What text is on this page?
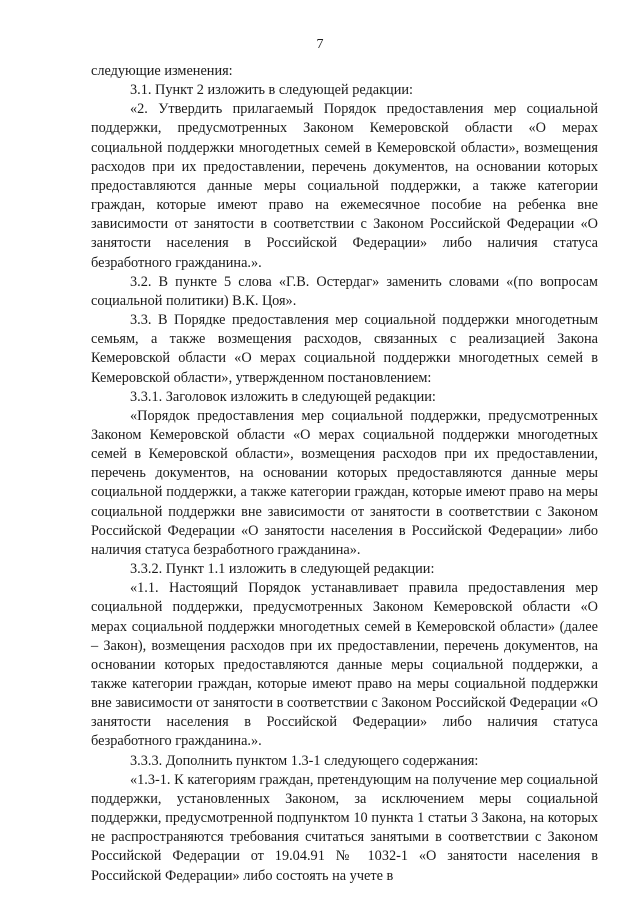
7

следующие изменения:

3.1. Пункт 2 изложить в следующей редакции:

«2. Утвердить прилагаемый Порядок предоставления мер социальной поддержки, предусмотренных Законом Кемеровской области «О мерах социальной поддержки многодетных семей в Кемеровской области», возмещения расходов при их предоставлении, перечень документов, на основании которых предоставляются данные меры социальной поддержки, а также категории граждан, которые имеют право на ежемесячное пособие на ребенка вне зависимости от занятости в соответствии с Законом Российской Федерации «О занятости населения в Российской Федерации» либо наличия статуса безработного гражданина.».

3.2. В пункте 5 слова «Г.В. Остердаг» заменить словами «(по вопросам социальной политики) В.К. Цоя».

3.3. В Порядке предоставления мер социальной поддержки многодетным семьям, а также возмещения расходов, связанных с реализацией Закона Кемеровской области «О мерах социальной поддержки многодетных семей в Кемеровской области», утвержденном постановлением:

3.3.1. Заголовок изложить в следующей редакции:

«Порядок предоставления мер социальной поддержки, предусмотренных Законом Кемеровской области «О мерах социальной поддержки многодетных семей в Кемеровской области», возмещения расходов при их предоставлении, перечень документов, на основании которых предоставляются данные меры социальной поддержки, а также категории граждан, которые имеют право на меры социальной поддержки вне зависимости от занятости в соответствии с Законом Российской Федерации «О занятости населения в Российской Федерации» либо наличия статуса безработного гражданина».

3.3.2. Пункт 1.1 изложить в следующей редакции:

«1.1. Настоящий Порядок устанавливает правила предоставления мер социальной поддержки, предусмотренных Законом Кемеровской области «О мерах социальной поддержки многодетных семей в Кемеровской области» (далее – Закон), возмещения расходов при их предоставлении, перечень документов, на основании которых предоставляются данные меры социальной поддержки, а также категории граждан, которые имеют право на меры социальной поддержки вне зависимости от занятости в соответствии с Законом Российской Федерации «О занятости населения в Российской Федерации» либо наличия статуса безработного гражданина.».

3.3.3. Дополнить пунктом 1.3-1 следующего содержания:

«1.3-1. К категориям граждан, претендующим на получение мер социальной поддержки, установленных Законом, за исключением меры социальной поддержки, предусмотренной подпунктом 10 пункта 1 статьи 3 Закона, на которых не распространяются требования считаться занятыми в соответствии с Законом Российской Федерации от 19.04.91 № 1032-1 «О занятости населения в Российской Федерации» либо состоять на учете в
